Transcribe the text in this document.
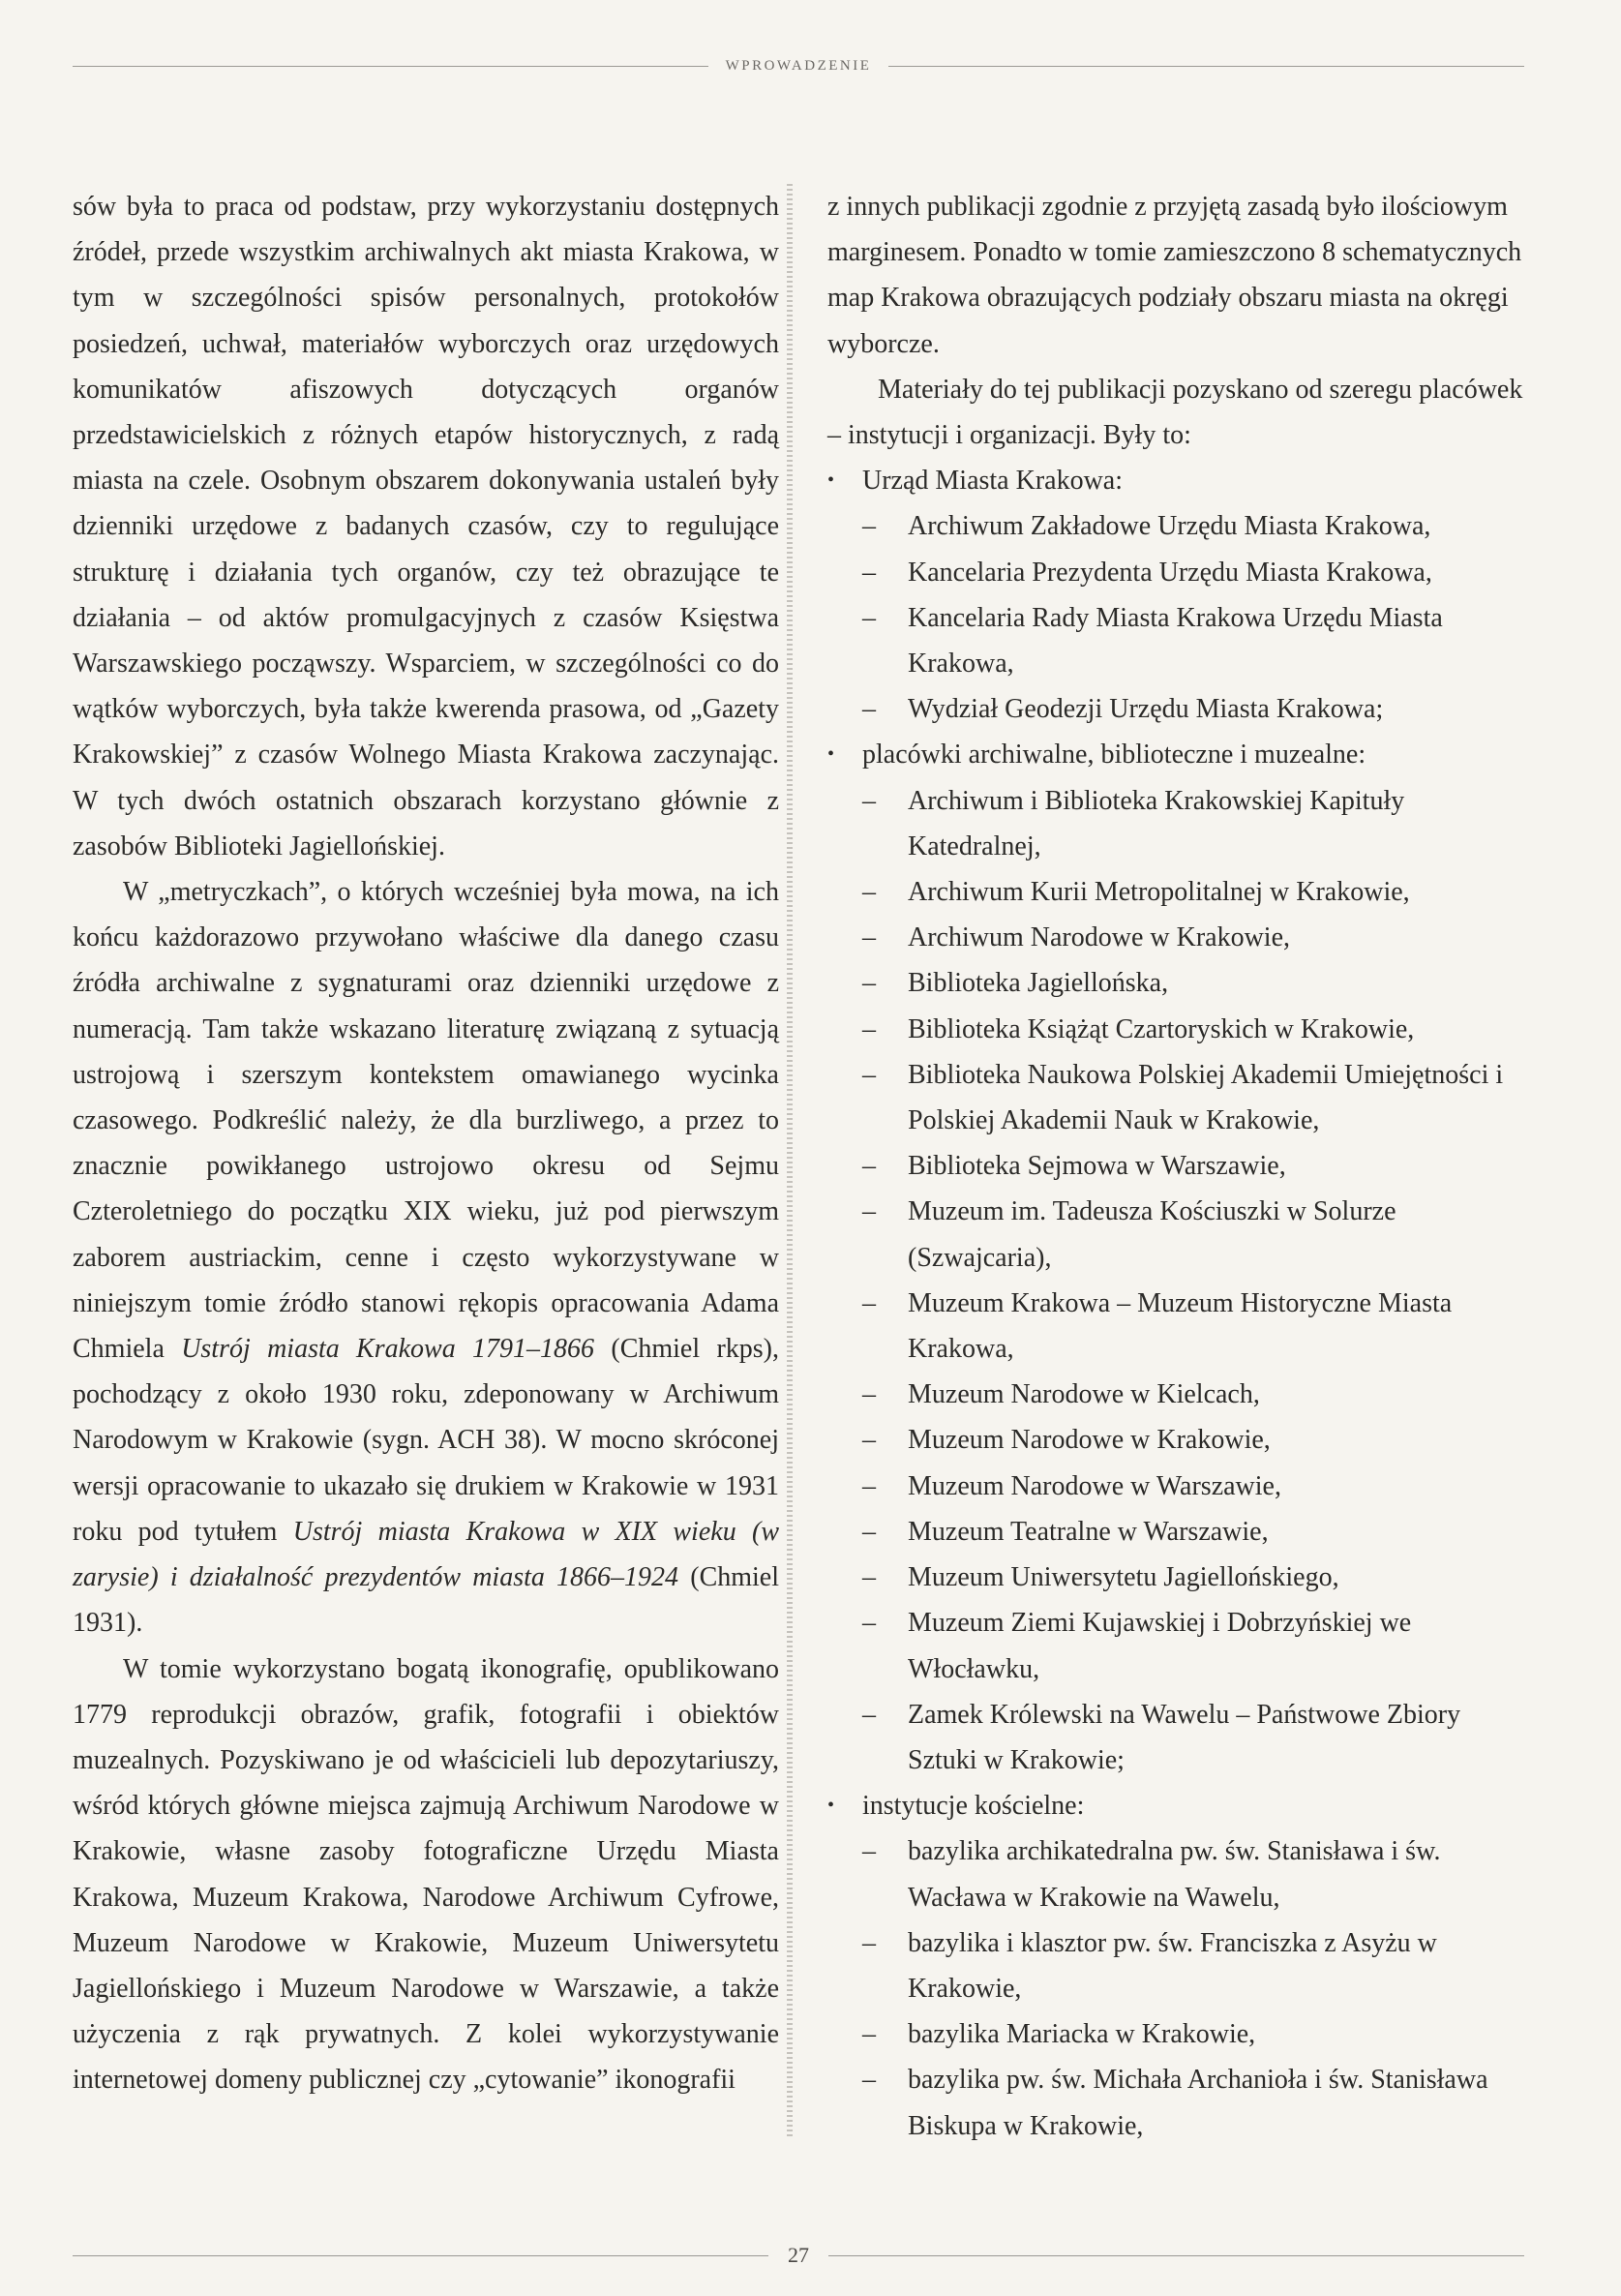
WPROWADZENIE

sów była to praca od podstaw, przy wykorzystaniu dostępnych źródeł, przede wszystkim archiwalnych akt miasta Krakowa, w tym w szczególności spisów personalnych, protokołów posiedzeń, uchwał, materiałów wyborczych oraz urzędowych komunikatów afiszowych dotyczących organów przedstawicielskich z różnych etapów historycznych, z radą miasta na czele. Osobnym obszarem dokonywania ustaleń były dzienniki urzędowe z badanych czasów, czy to regulujące strukturę i działania tych organów, czy też obrazujące te działania – od aktów promulgacyjnych z czasów Księstwa Warszawskiego począwszy. Wsparciem, w szczególności co do wątków wyborczych, była także kwerenda prasowa, od „Gazety Krakowskiej” z czasów Wolnego Miasta Krakowa zaczynając. W tych dwóch ostatnich obszarach korzystano głównie z zasobów Biblioteki Jagiellońskiej.

W „metryczkach”, o których wcześniej była mowa, na ich końcu każdorazowo przywołano właściwe dla danego czasu źródła archiwalne z sygnaturami oraz dzienniki urzędowe z numeracją. Tam także wskazano literaturę związaną z sytuacją ustrojową i szerszym kontekstem omawianego wycinka czasowego. Podkreślić należy, że dla burzliwego, a przez to znacznie powikłanego ustrojowo okresu od Sejmu Czteroletniego do początku XIX wieku, już pod pierwszym zaborem austriackim, cenne i często wykorzystywane w niniejszym tomie źródło stanowi rękopis opracowania Adama Chmiela Ustrój miasta Krakowa 1791–1866 (Chmiel rkps), pochodzący z około 1930 roku, zdeponowany w Archiwum Narodowym w Krakowie (sygn. ACH 38). W mocno skróconej wersji opracowanie to ukazało się drukiem w Krakowie w 1931 roku pod tytułem Ustrój miasta Krakowa w XIX wieku (w zarysie) i działalność prezydentów miasta 1866–1924 (Chmiel 1931).

W tomie wykorzystano bogatą ikonografię, opublikowano 1779 reprodukcji obrazów, grafik, fotografii i obiektów muzealnych. Pozyskiwano je od właścicieli lub depozytariuszy, wśród których główne miejsca zajmują Archiwum Narodowe w Krakowie, własne zasoby fotograficzne Urzędu Miasta Krakowa, Muzeum Krakowa, Narodowe Archiwum Cyfrowe, Muzeum Narodowe w Krakowie, Muzeum Uniwersytetu Jagiellońskiego i Muzeum Narodowe w Warszawie, a także użyczenia z rąk prywatnych. Z kolei wykorzystywanie internetowej domeny publicznej czy „cytowanie” ikonografii

z innych publikacji zgodnie z przyjętą zasadą było ilościowym marginesem. Ponadto w tomie zamieszczono 8 schematycznych map Krakowa obrazujących podziały obszaru miasta na okręgi wyborcze.

Materiały do tej publikacji pozyskano od szeregu placówek – instytucji i organizacji. Były to:

•	Urząd Miasta Krakowa:
–	Archiwum Zakładowe Urzędu Miasta Krakowa,
–	Kancelaria Prezydenta Urzędu Miasta Krakowa,
–	Kancelaria Rady Miasta Krakowa Urzędu Miasta Krakowa,
–	Wydział Geodezji Urzędu Miasta Krakowa;
•	placówki archiwalne, biblioteczne i muzealne:
–	Archiwum i Biblioteka Krakowskiej Kapituły Katedralnej,
–	Archiwum Kurii Metropolitalnej w Krakowie,
–	Archiwum Narodowe w Krakowie,
–	Biblioteka Jagiellońska,
–	Biblioteka Książąt Czartoryskich w Krakowie,
–	Biblioteka Naukowa Polskiej Akademii Umiejętności i Polskiej Akademii Nauk w Krakowie,
–	Biblioteka Sejmowa w Warszawie,
–	Muzeum im. Tadeusza Kościuszki w Solurze (Szwajcaria),
–	Muzeum Krakowa – Muzeum Historyczne Miasta Krakowa,
–	Muzeum Narodowe w Kielcach,
–	Muzeum Narodowe w Krakowie,
–	Muzeum Narodowe w Warszawie,
–	Muzeum Teatralne w Warszawie,
–	Muzeum Uniwersytetu Jagiellońskiego,
–	Muzeum Ziemi Kujawskiej i Dobrzyńskiej we Włocławku,
–	Zamek Królewski na Wawelu – Państwowe Zbiory Sztuki w Krakowie;
•	instytucje kościelne:
–	bazylika archikatedralna pw. św. Stanisława i św. Wacława w Krakowie na Wawelu,
–	bazylika i klasztor pw. św. Franciszka z Asyżu w Krakowie,
–	bazylika Mariacka w Krakowie,
–	bazylika pw. św. Michała Archanioła i św. Stanisława Biskupa w Krakowie,
27
